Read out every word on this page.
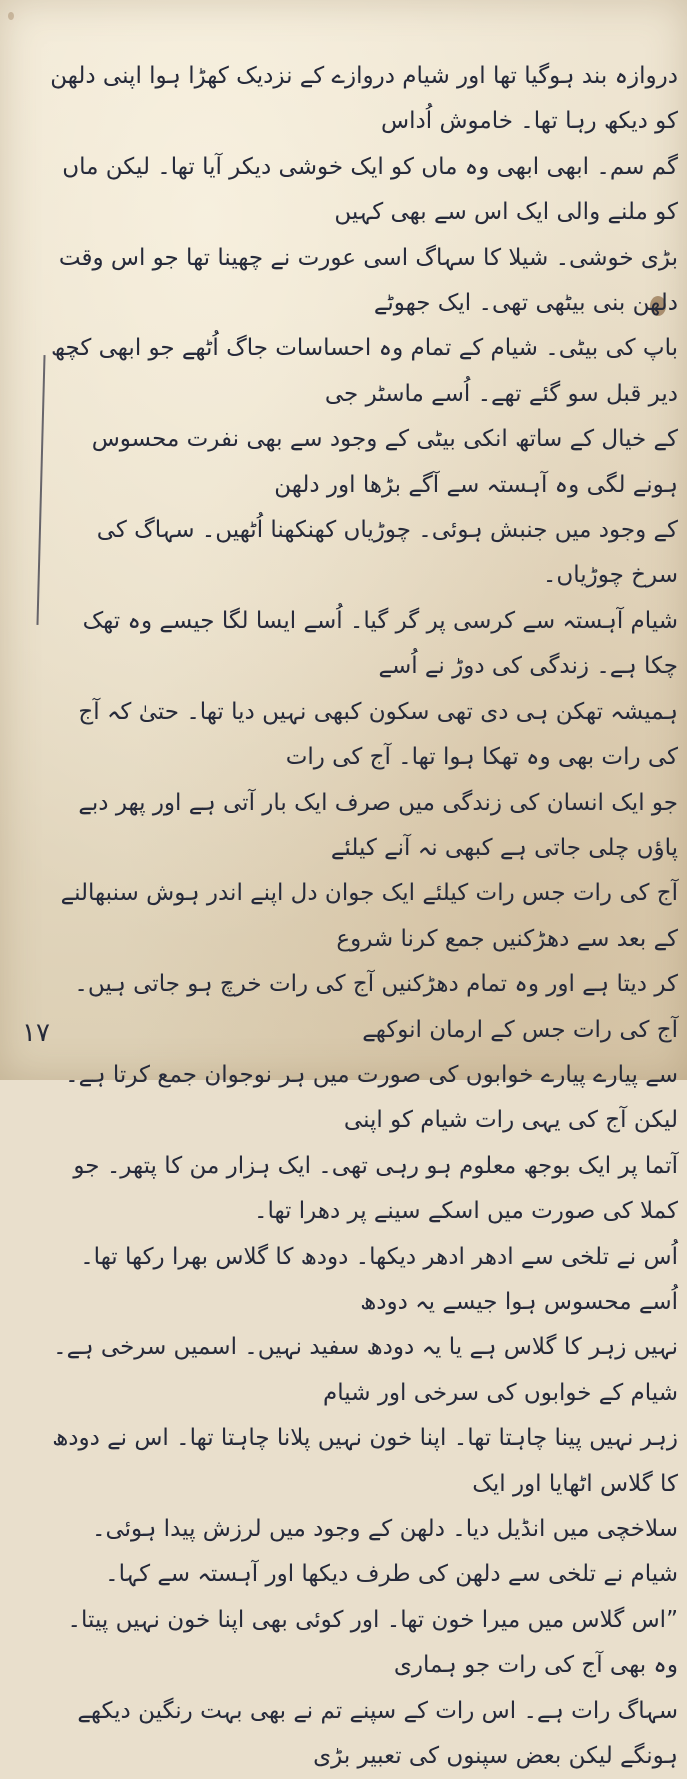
دروازہ بند ہوگیا تھا اور شیام دروازے کے نزدیک کھڑا ہوا اپنی دلھن کو دیکھ رہا تھا۔ خاموش اُداس

گم سم۔ ابھی ابھی وہ ماں کو ایک خوشی دیکر آیا تھا۔ لیکن ماں کو ملنے والی ایک اس سے بھی کہیں

بڑی خوشی۔ شیلا کا سہاگ اسی عورت نے چھینا تھا جو اس وقت دلھن بنی بیٹھی تھی۔ ایک جھوٹے

باپ کی بیٹی۔ شیام کے تمام وہ احساسات جاگ اُٹھے جو ابھی کچھ دیر قبل سو گئے تھے۔ اُسے ماسٹر جی

کے خیال کے ساتھ انکی بیٹی کے وجود سے بھی نفرت محسوس ہونے لگی وہ آہستہ سے آگے بڑھا اور دلھن

کے وجود میں جنبش ہوئی۔ چوڑیاں کھنکھنا اُٹھیں۔ سہاگ کی سرخ چوڑیاں۔

شیام آہستہ سے کرسی پر گر گیا۔ اُسے ایسا لگا جیسے وہ تھک چکا ہے۔ زندگی کی دوڑ نے اُسے

ہمیشہ تھکن ہی دی تھی سکون کبھی نہیں دیا تھا۔ حتیٰ کہ آج کی رات بھی وہ تھکا ہوا تھا۔ آج کی رات

جو ایک انسان کی زندگی میں صرف ایک بار آتی ہے اور پھر دبے پاؤں چلی جاتی ہے کبھی نہ آنے کیلئے

آج کی رات جس رات کیلئے ایک جوان دل اپنے اندر ہوش سنبھالنے کے بعد سے دھڑکنیں جمع کرنا شروع

کر دیتا ہے اور وہ تمام دھڑکنیں آج کی رات خرچ ہو جاتی ہیں۔ آج کی رات جس کے ارمان انوکھے

سے پیارے پیارے خوابوں کی صورت میں ہر نوجوان جمع کرتا ہے۔ لیکن آج کی یہی رات شیام کو اپنی

آتما پر ایک بوجھ معلوم ہو رہی تھی۔ ایک ہزار من کا پتھر۔ جو کملا کی صورت میں اسکے سینے پر دھرا تھا۔

اُس نے تلخی سے ادھر ادھر دیکھا۔ دودھ کا گلاس بھرا رکھا تھا۔ اُسے محسوس ہوا جیسے یہ دودھ

نہیں زہر کا گلاس ہے یا یہ دودھ سفید نہیں۔ اسمیں سرخی ہے۔ شیام کے خوابوں کی سرخی اور شیام

زہر نہیں پینا چاہتا تھا۔ اپنا خون نہیں پلانا چاہتا تھا۔ اس نے دودھ کا گلاس اٹھایا اور ایک

سلاخچی میں انڈیل دیا۔ دلھن کے وجود میں لرزش پیدا ہوئی۔

شیام نے تلخی سے دلھن کی طرف دیکھا اور آہستہ سے کہا۔

”اس گلاس میں میرا خون تھا۔ اور کوئی بھی اپنا خون نہیں پیتا۔ وہ بھی آج کی رات جو ہماری

سہاگ رات ہے۔ اس رات کے سپنے تم نے بھی بہت رنگین دیکھے ہونگے لیکن بعض سپنوں کی تعبیر بڑی

۱۷
